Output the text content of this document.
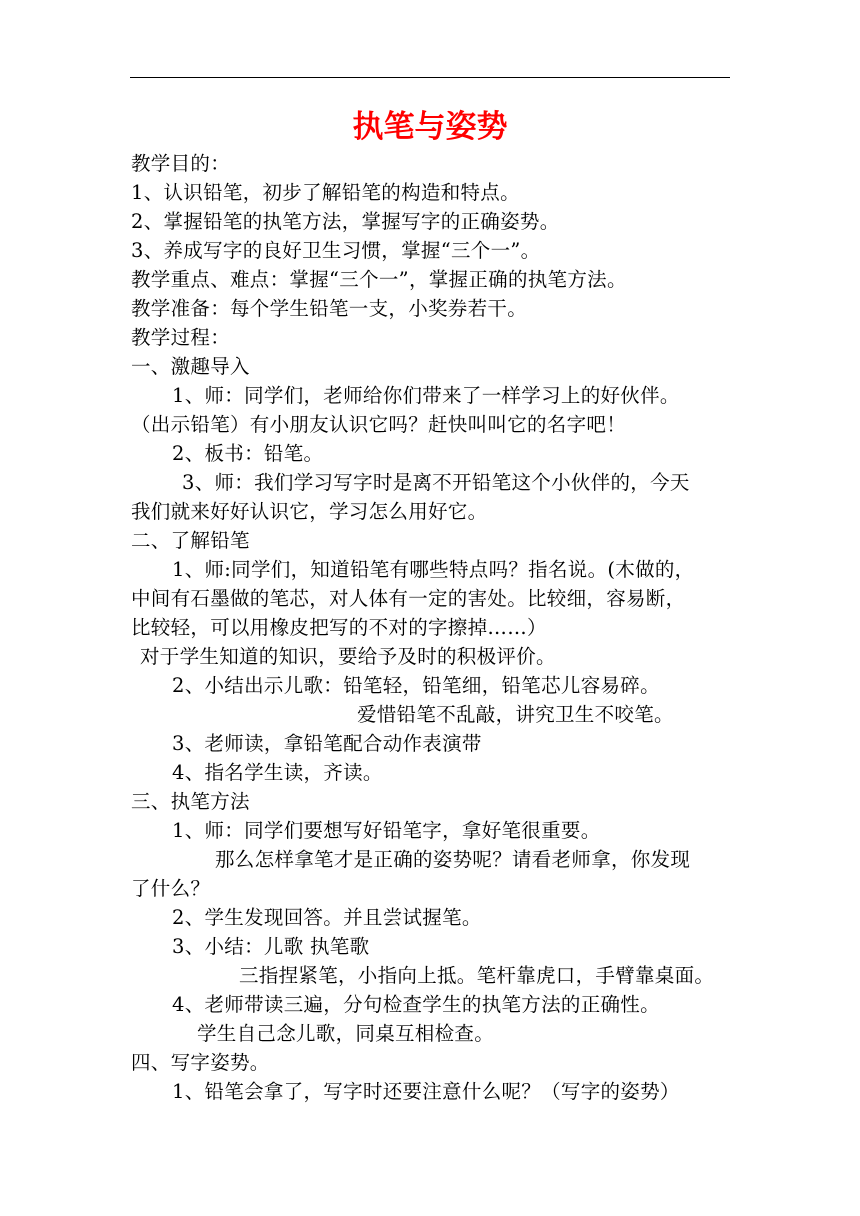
执笔与姿势
教学目的：
1、认识铅笔，初步了解铅笔的构造和特点。
2、掌握铅笔的执笔方法，掌握写字的正确姿势。
3、养成写字的良好卫生习惯，掌握“三个一”。
教学重点、难点：掌握“三个一”，掌握正确的执笔方法。
教学准备：每个学生铅笔一支，小奖券若干。
教学过程：
一、激趣导入
1、师：同学们，老师给你们带来了一样学习上的好伙伴。
（出示铅笔）有小朋友认识它吗？赶快叫叫它的名字吧！
2、板书：铅笔。
3、师：我们学习写字时是离不开铅笔这个小伙伴的，今天
我们就来好好认识它，学习怎么用好它。
二、了解铅笔
1、师:同学们，知道铅笔有哪些特点吗？指名说。(木做的，
中间有石墨做的笔芯，对人体有一定的害处。比较细，容易断，
比较轻，可以用橡皮把写的不对的字擦掉……）
对于学生知道的知识，要给予及时的积极评价。
2、小结出示儿歌：铅笔轻，铅笔细，铅笔芯儿容易碎。
爱惜铅笔不乱敲，讲究卫生不咬笔。
3、老师读，拿铅笔配合动作表演带
4、指名学生读，齐读。
三、执笔方法
1、师：同学们要想写好铅笔字，拿好笔很重要。
那么怎样拿笔才是正确的姿势呢？请看老师拿，你发现
了什么？
2、学生发现回答。并且尝试握笔。
3、小结：儿歌 执笔歌
三指捏紧笔，小指向上抵。笔杆靠虎口，手臂靠桌面。
4、老师带读三遍，分句检查学生的执笔方法的正确性。
学生自己念儿歌，同桌互相检查。
四、写字姿势。
1、铅笔会拿了，写字时还要注意什么呢？（写字的姿势）
